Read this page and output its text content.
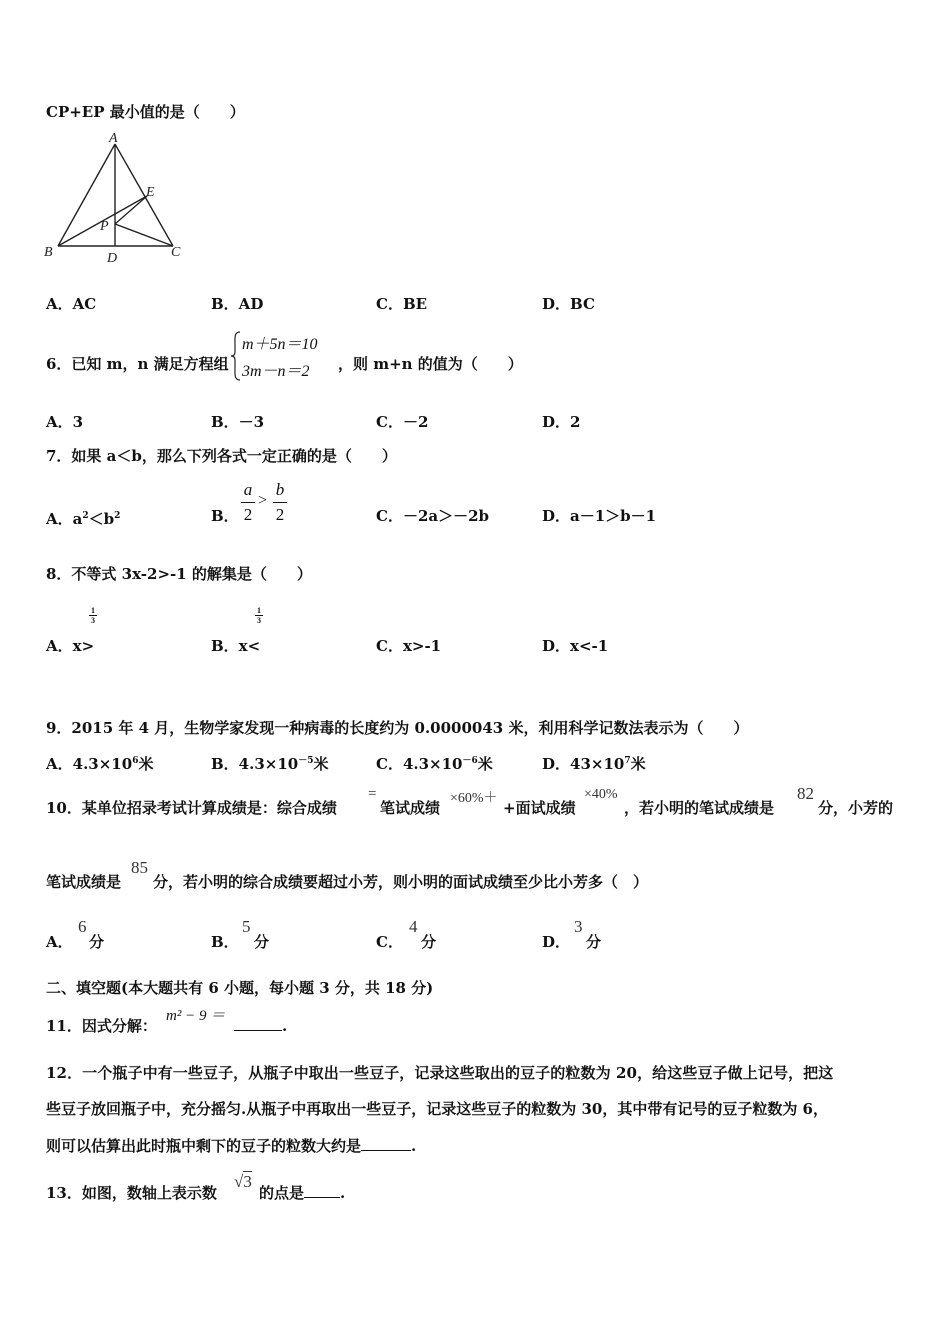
CP+EP 最小值的是（　　）
A
B	C
D
E
P
A．AC	B．AD	C．BE	D．BC
6．已知 m，n 满足方程组
m＋5n＝10
3m－n＝2 ，则 m+n 的值为（　　）
A．3	B．－3	C．－2	D．2
7．如果 a＜b，那么下列各式一定正确的是（　　）
A．$a^2<b^2$	B．
a
2
>
b
2	C．－2a＞－2b	D．a－1＞b－1
8．不等式 3x-2>-1 的解集是（　　）
A．x>
1
3
B．x<
1
3
C．x>-1	D．x<-1
9．2015 年 4 月，生物学家发现一种病毒的长度约为 0.0000043 米，利用科学记数法表示为（　　）
A．$4.3\times 10^6$米	B．$4.3\times 10^{-5}$米	C．$4.3\times 10^{-6}$米	D．$43\times 10^7$米
10．某单位招录考试计算成绩是：综合成绩
=
笔试成绩
×60%＋
+面试成绩
×40%
，若小明的笔试成绩是
82
分，小芳的
笔试成绩是
85
分，若小明的综合成绩要超过小芳，则小明的面试成绩至少比小芳多（　）
A．
6
分	B．
5
分	C．
4
分	D．
3
分
二、填空题(本大题共有 6 小题，每小题 3 分，共 18 分)
11．因式分解：
m² − 9 ＝
.
12．一个瓶子中有一些豆子，从瓶子中取出一些豆子，记录这些取出的豆子的粒数为 20，给这些豆子做上记号，把这
些豆子放回瓶子中，充分摇匀.从瓶子中再取出一些豆子，记录这些豆子的粒数为 30，其中带有记号的豆子粒数为 6，
则可以估算出此时瓶中剩下的豆子的粒数大约是	.
13．如图，数轴上表示数
√3
的点是 .
